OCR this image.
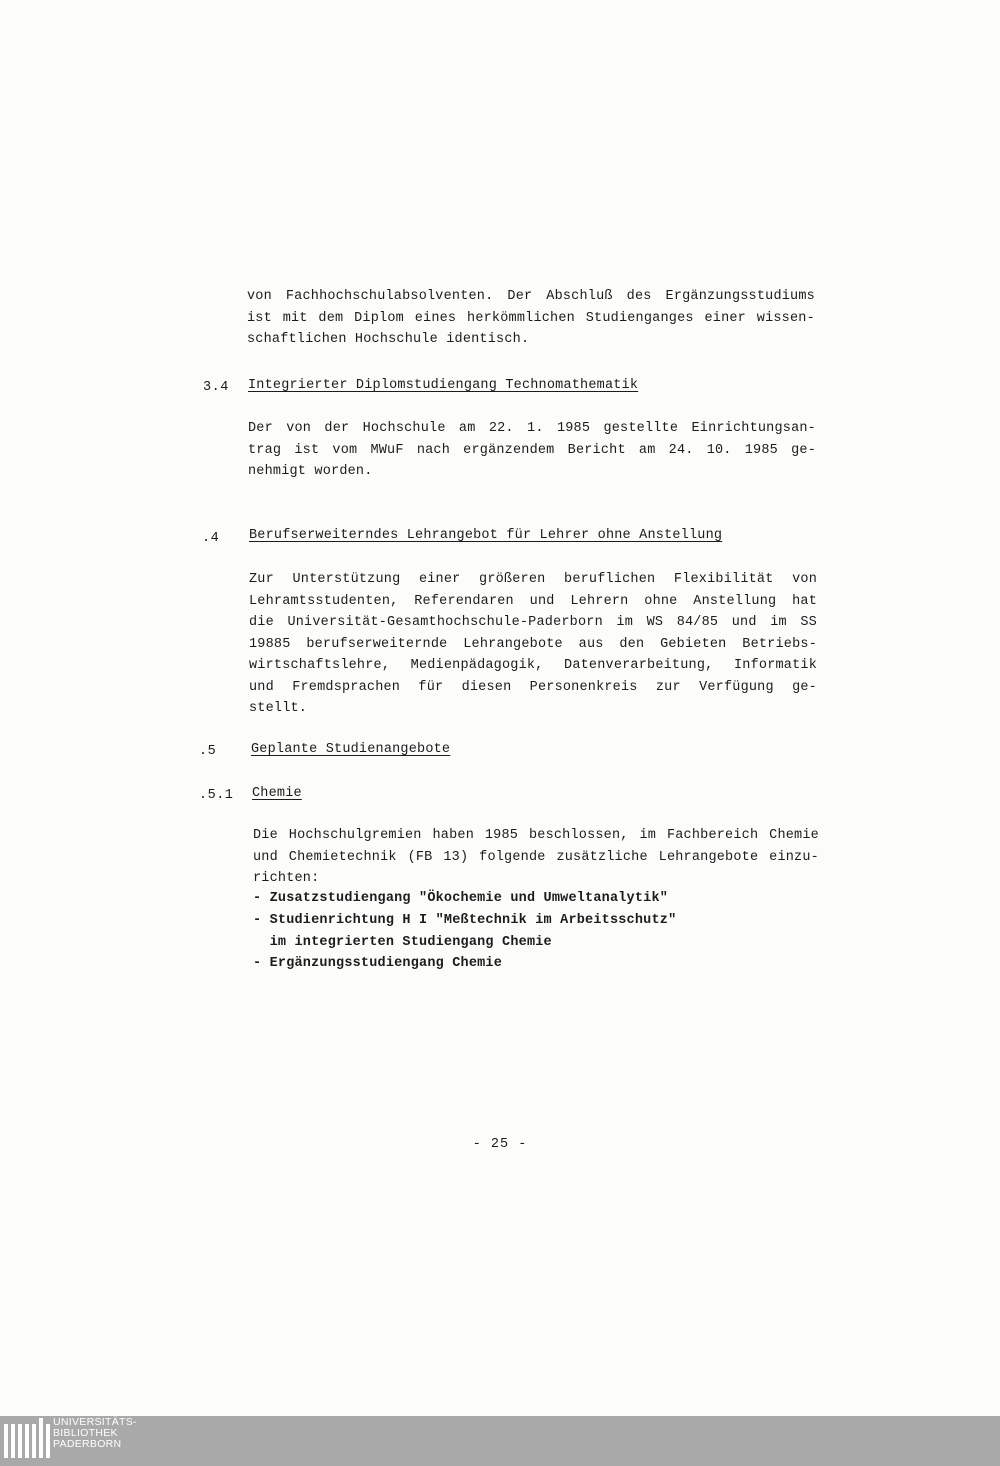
von Fachhochschulabsolventen. Der Abschluß des Ergänzungsstudiums
ist mit dem Diplom eines herkömmlichen Studienganges einer wissen-
schaftlichen Hochschule identisch.
3.4 Integrierter Diplomstudiengang Technomathematik
Der von der Hochschule am 22. 1. 1985 gestellte Einrichtungsan-
trag ist vom MWuF nach ergänzendem Bericht am 24. 10. 1985 ge-
nehmigt worden.
.4 Berufserweiterndes Lehrangebot für Lehrer ohne Anstellung
Zur Unterstützung einer größeren beruflichen Flexibilität von
Lehramtsstudenten, Referendaren und Lehrern ohne Anstellung hat
die Universität-Gesamthochschule-Paderborn im WS 84/85 und im SS
19885 berufserweiternde Lehrangebote aus den Gebieten Betriebs-
wirtschaftslehre, Medienpädagogik, Datenverarbeitung, Informatik
und Fremdsprachen für diesen Personenkreis zur Verfügung ge-
stellt.
.5	Geplante Studienangebote
.5.1 Chemie
Die Hochschulgremien haben 1985 beschlossen, im Fachbereich Chemie
und Chemietechnik (FB 13) folgende zusätzliche Lehrangebote einzu-
richten:
- Zusatzstudiengang "Ökochemie und Umweltanalytik"
- Studienrichtung H I "Meßtechnik im Arbeitsschutz"
im integrierten Studiengang Chemie
- Ergänzungsstudiengang Chemie
- 25 -
UNIVERSITÄTS-
BIBLIOTHEK
PADERBORN
